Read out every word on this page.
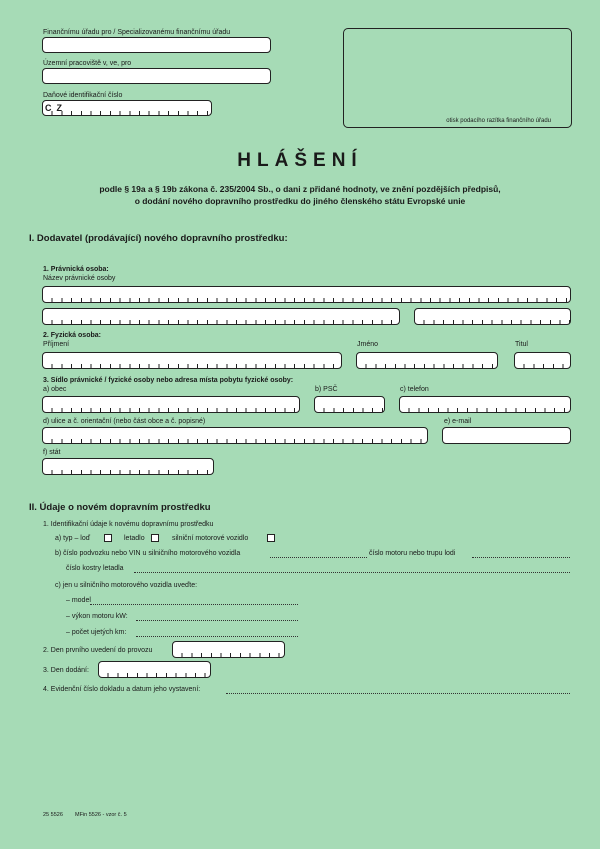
Finančnímu úřadu pro / Specializovanému finančnímu úřadu
Územní pracoviště v, ve, pro
Daňové identifikační číslo
CZ
otisk podacího razítka finančního úřadu
HLÁŠENÍ
podle § 19a a § 19b zákona č. 235/2004 Sb., o dani z přidané hodnoty, ve znění pozdějších předpisů,
o dodání nového dopravního prostředku do jiného členského státu Evropské unie
I. Dodavatel (prodávající) nového dopravního prostředku:
1. Právnická osoba:
Název právnické osoby
2. Fyzická osoba:
Příjmení	Jméno	Titul
3. Sídlo právnické / fyzické osoby nebo adresa místa pobytu fyzické osoby:
a) obec	b) PSČ	c) telefon
d) ulice a č. orientační (nebo část obce a č. popisné)	e) e-mail
f) stát
II. Údaje o novém dopravním prostředku
1. Identifikační údaje k novému dopravnímu prostředku
a) typ – loď	letadlo	silniční motorové vozidlo
b) číslo podvozku nebo VIN u silničního motorového vozidla	číslo motoru nebo trupu lodi
číslo kostry letadla
c) jen u silničního motorového vozidla uveďte:
– model
– výkon motoru kW:
– počet ujetých km:
2. Den prvního uvedení do provozu
3. Den dodání:
4. Evidenční číslo dokladu a datum jeho vystavení:
25 5526 MFin 5526 - vzor č. 5
